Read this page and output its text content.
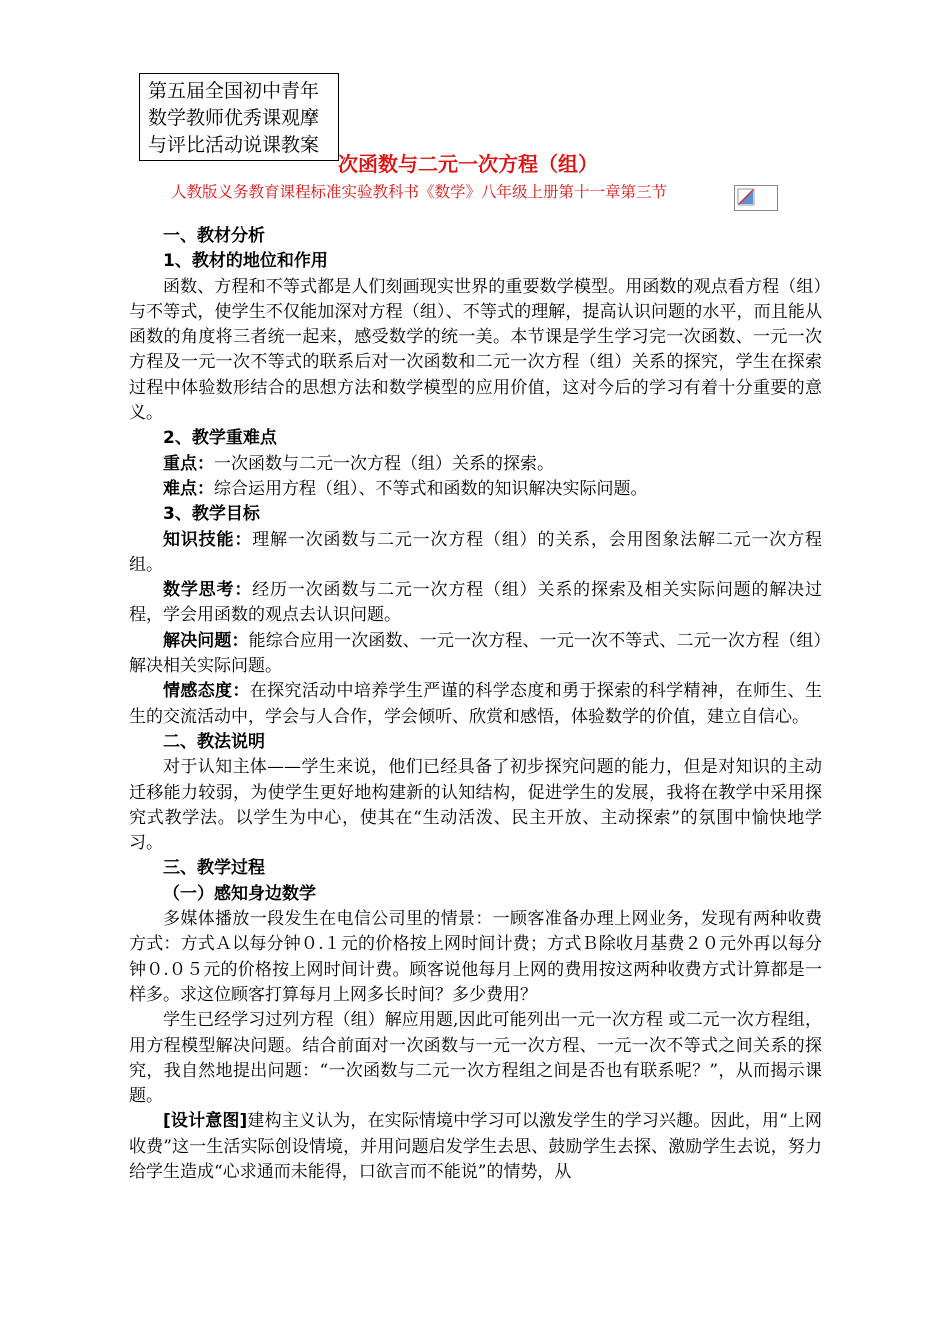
第五届全国初中青年
数学教师优秀课观摩
与评比活动说课教案
次函数与二元一次方程（组）
人教版义务教育课程标准实验教科书《数学》八年级上册第十一章第三节

一、教材分析

1、教材的地位和作用

函数、方程和不等式都是人们刻画现实世界的重要数学模型。用函数的观点看方程（组）与不等式，使学生不仅能加深对方程（组）、不等式的理解，提高认识问题的水平，而且能从函数的角度将三者统一起来，感受数学的统一美。本节课是学生学习完一次函数、一元一次方程及一元一次不等式的联系后对一次函数和二元一次方程（组）关系的探究，学生在探索过程中体验数形结合的思想方法和数学模型的应用价值，这对今后的学习有着十分重要的意义。

2、教学重难点

重点：一次函数与二元一次方程（组）关系的探索。

难点：综合运用方程（组）、不等式和函数的知识解决实际问题。

3、教学目标

知识技能：理解一次函数与二元一次方程（组）的关系，会用图象法解二元一次方程组。

数学思考：经历一次函数与二元一次方程（组）关系的探索及相关实际问题的解决过程，学会用函数的观点去认识问题。

解决问题：能综合应用一次函数、一元一次方程、一元一次不等式、二元一次方程（组）解决相关实际问题。

情感态度：在探究活动中培养学生严谨的科学态度和勇于探索的科学精神，在师生、生生的交流活动中，学会与人合作，学会倾听、欣赏和感悟，体验数学的价值，建立自信心。

二、教法说明

对于认知主体——学生来说，他们已经具备了初步探究问题的能力，但是对知识的主动迁移能力较弱，为使学生更好地构建新的认知结构，促进学生的发展，我将在教学中采用探究式教学法。以学生为中心，使其在“生动活泼、民主开放、主动探索”的氛围中愉快地学习。

三、教学过程

（一）感知身边数学

多媒体播放一段发生在电信公司里的情景：一顾客准备办理上网业务，发现有两种收费方式：方式Ａ以每分钟０.１元的价格按上网时间计费；方式Ｂ除收月基费２０元外再以每分钟０.０５元的价格按上网时间计费。顾客说他每月上网的费用按这两种收费方式计算都是一样多。求这位顾客打算每月上网多长时间？多少费用？

学生已经学习过列方程（组）解应用题,因此可能列出一元一次方程 或二元一次方程组，用方程模型解决问题。结合前面对一次函数与一元一次方程、一元一次不等式之间关系的探究，我自然地提出问题：“一次函数与二元一次方程组之间是否也有联系呢？”，从而揭示课题。

[设计意图]建构主义认为，在实际情境中学习可以激发学生的学习兴趣。因此，用“上网收费”这一生活实际创设情境，并用问题启发学生去思、鼓励学生去探、激励学生去说，努力给学生造成“心求通而未能得，口欲言而不能说”的情势，从
